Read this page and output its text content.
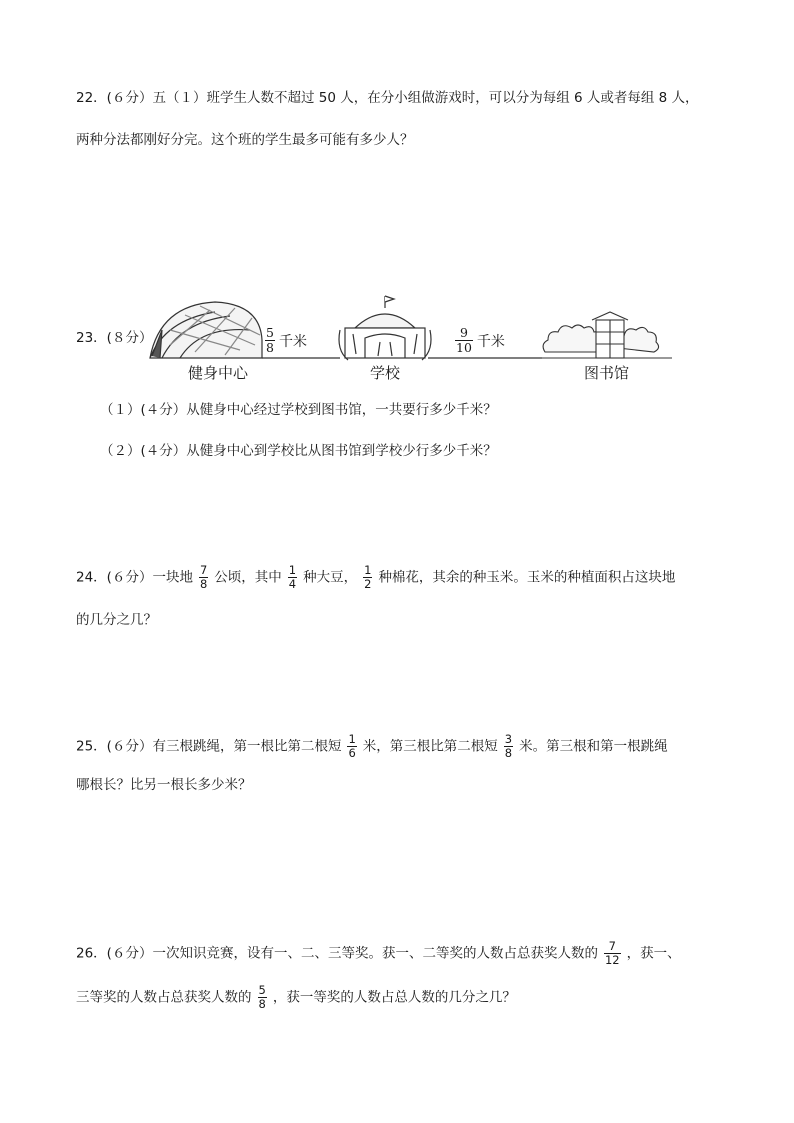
22．(６分）五（１）班学生人数不超过 50 人，在分小组做游戏时，可以分为每组 6 人或者每组 8 人，
两种分法都刚好分完。这个班的学生最多可能有多少人？
23．(８分）	$\frac{5}{8}$ 千米	$\frac{9}{10}$ 千米
健身中心	学校	图书馆
（１）(４分）从健身中心经过学校到图书馆，一共要行多少千米？
（２）(４分）从健身中心到学校比从图书馆到学校少行多少千米？
24．(６分）一块地 $\frac{7}{8}$ 公顷，其中 $\frac{1}{4}$ 种大豆， $\frac{1}{2}$ 种棉花，其余的种玉米。玉米的种植面积占这块地
的几分之几？
25．(６分）有三根跳绳，第一根比第二根短 $\frac{1}{6}$ 米，第三根比第二根短 $\frac{3}{8}$ 米。第三根和第一根跳绳
哪根长？比另一根长多少米？
26．(６分）一次知识竞赛，设有一、二、三等奖。获一、二等奖的人数占总获奖人数的 $\frac{7}{12}$ ，获一、
三等奖的人数占总获奖人数的 $\frac{5}{8}$ ，获一等奖的人数占总人数的几分之几？
